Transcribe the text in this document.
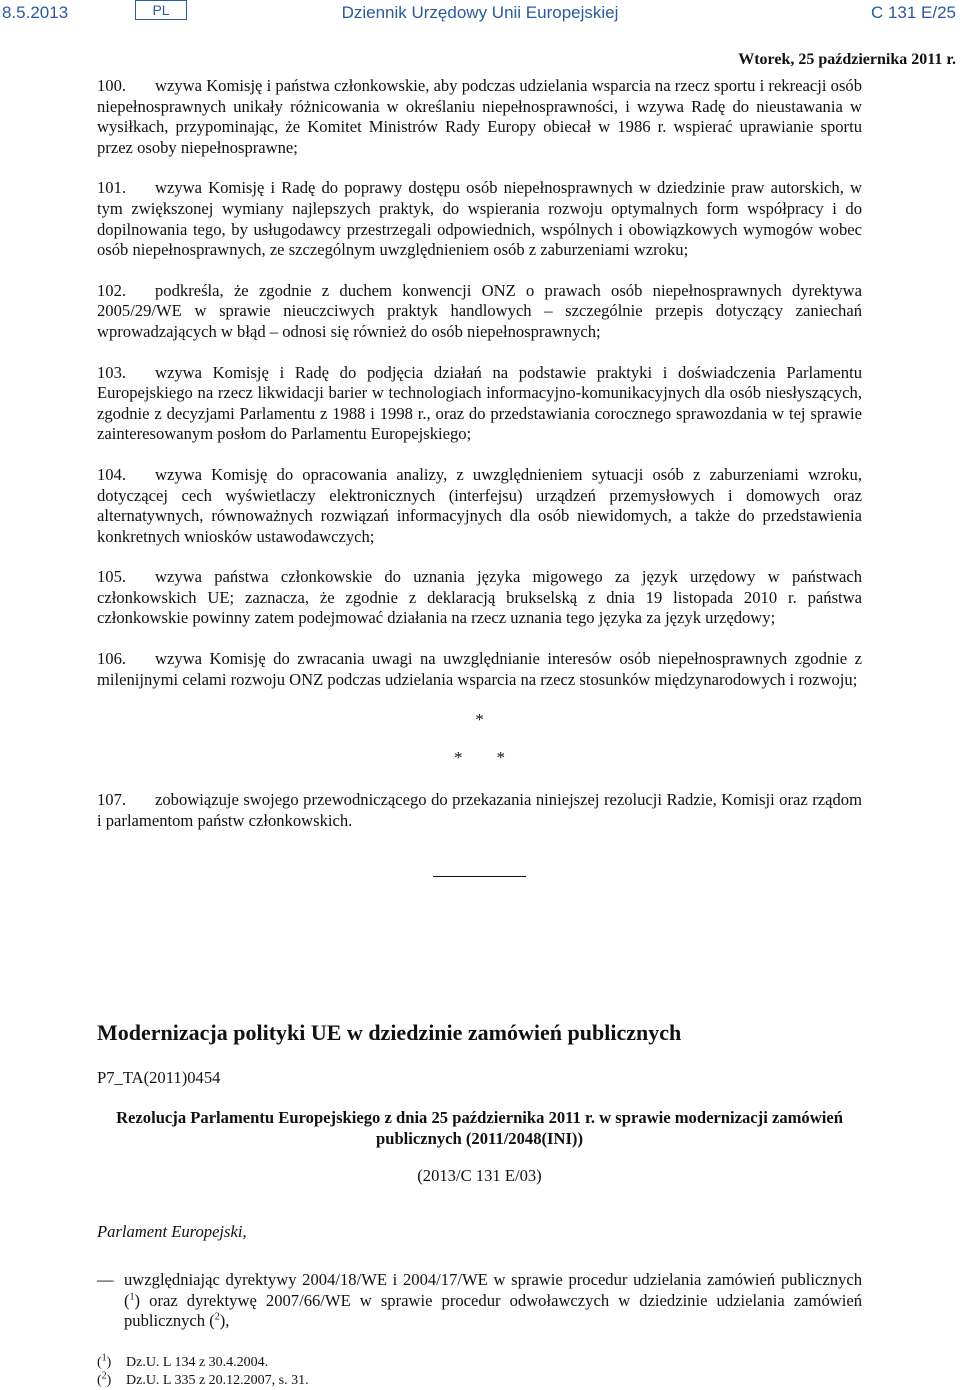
8.5.2013	PL	Dziennik Urzędowy Unii Europejskiej	C 131 E/25
Wtorek, 25 października 2011 r.

100. wzywa Komisję i państwa członkowskie, aby podczas udzielania wsparcia na rzecz sportu i rekreacji osób niepełnosprawnych unikały różnicowania w określaniu niepełnosprawności, i wzywa Radę do nieustawania w wysiłkach, przypominając, że Komitet Ministrów Rady Europy obiecał w 1986 r. wspierać uprawianie sportu przez osoby niepełnosprawne;

101. wzywa Komisję i Radę do poprawy dostępu osób niepełnosprawnych w dziedzinie praw autorskich, w tym zwiększonej wymiany najlepszych praktyk, do wspierania rozwoju optymalnych form współpracy i do dopilnowania tego, by usługodawcy przestrzegali odpowiednich, wspólnych i obowiązkowych wymogów wobec osób niepełnosprawnych, ze szczególnym uwzględnieniem osób z zaburzeniami wzroku;

102. podkreśla, że zgodnie z duchem konwencji ONZ o prawach osób niepełnosprawnych dyrektywa 2005/29/WE w sprawie nieuczciwych praktyk handlowych – szczególnie przepis dotyczący zaniechań wprowadzających w błąd – odnosi się również do osób niepełnosprawnych;

103. wzywa Komisję i Radę do podjęcia działań na podstawie praktyki i doświadczenia Parlamentu Europejskiego na rzecz likwidacji barier w technologiach informacyjno-komunikacyjnych dla osób niesłyszących, zgodnie z decyzjami Parlamentu z 1988 i 1998 r., oraz do przedstawiania corocznego sprawozdania w tej sprawie zainteresowanym posłom do Parlamentu Europejskiego;

104. wzywa Komisję do opracowania analizy, z uwzględnieniem sytuacji osób z zaburzeniami wzroku, dotyczącej cech wyświetlaczy elektronicznych (interfejsu) urządzeń przemysłowych i domowych oraz alternatywnych, równoważnych rozwiązań informacyjnych dla osób niewidomych, a także do przedstawienia konkretnych wniosków ustawodawczych;

105. wzywa państwa członkowskie do uznania języka migowego za język urzędowy w państwach członkowskich UE; zaznacza, że zgodnie z deklaracją brukselską z dnia 19 listopada 2010 r. państwa członkowskie powinny zatem podejmować działania na rzecz uznania tego języka za język urzędowy;

106. wzywa Komisję do zwracania uwagi na uwzględnianie interesów osób niepełnosprawnych zgodnie z milenijnymi celami rozwoju ONZ podczas udzielania wsparcia na rzecz stosunków międzynarodowych i rozwoju;

*
*        *

107. zobowiązuje swojego przewodniczącego do przekazania niniejszej rezolucji Radzie, Komisji oraz rządom i parlamentom państw członkowskich.

Modernizacja polityki UE w dziedzinie zamówień publicznych
P7_TA(2011)0454
Rezolucja Parlamentu Europejskiego z dnia 25 października 2011 r. w sprawie modernizacji zamówień publicznych (2011/2048(INI))
(2013/C 131 E/03)
Parlament Europejski,
— uwzględniając dyrektywy 2004/18/WE i 2004/17/WE w sprawie procedur udzielania zamówień publicznych ($^1$) oraz dyrektywę 2007/66/WE w sprawie procedur odwoławczych w dziedzinie udzielania zamówień publicznych ($^2$),
($^1$) Dz.U. L 134 z 30.4.2004.
($^2$) Dz.U. L 335 z 20.12.2007, s. 31.
